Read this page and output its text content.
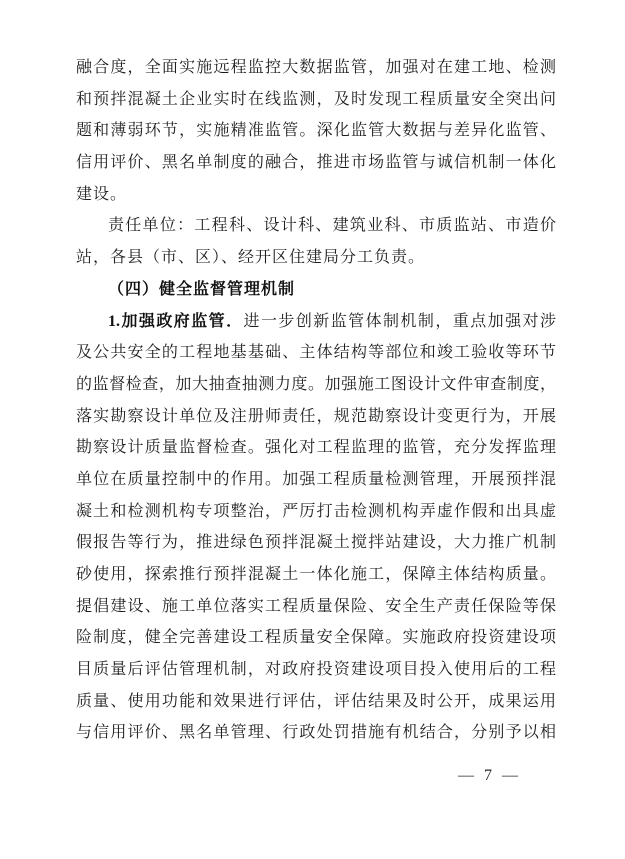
融合度，全面实施远程监控大数据监管，加强对在建工地、检测
和预拌混凝土企业实时在线监测，及时发现工程质量安全突出问
题和薄弱环节，实施精准监管。深化监管大数据与差异化监管、
信用评价、黑名单制度的融合，推进市场监管与诚信机制一体化
建设。
责任单位：工程科、设计科、建筑业科、市质监站、市造价
站，各县（市、区）、经开区住建局分工负责。
（四）健全监督管理机制
1.加强政府监管．进一步创新监管体制机制，重点加强对涉
及公共安全的工程地基基础、主体结构等部位和竣工验收等环节
的监督检查，加大抽查抽测力度。加强施工图设计文件审查制度，
落实勘察设计单位及注册师责任，规范勘察设计变更行为，开展
勘察设计质量监督检查。强化对工程监理的监管，充分发挥监理
单位在质量控制中的作用。加强工程质量检测管理，开展预拌混
凝土和检测机构专项整治，严厉打击检测机构弄虚作假和出具虚
假报告等行为，推进绿色预拌混凝土搅拌站建设，大力推广机制
砂使用，探索推行预拌混凝土一体化施工，保障主体结构质量。
提倡建设、施工单位落实工程质量保险、安全生产责任保险等保
险制度，健全完善建设工程质量安全保障。实施政府投资建设项
目质量后评估管理机制，对政府投资建设项目投入使用后的工程
质量、使用功能和效果进行评估，评估结果及时公开，成果运用
与信用评价、黑名单管理、行政处罚措施有机结合，分别予以相
— 7 —
